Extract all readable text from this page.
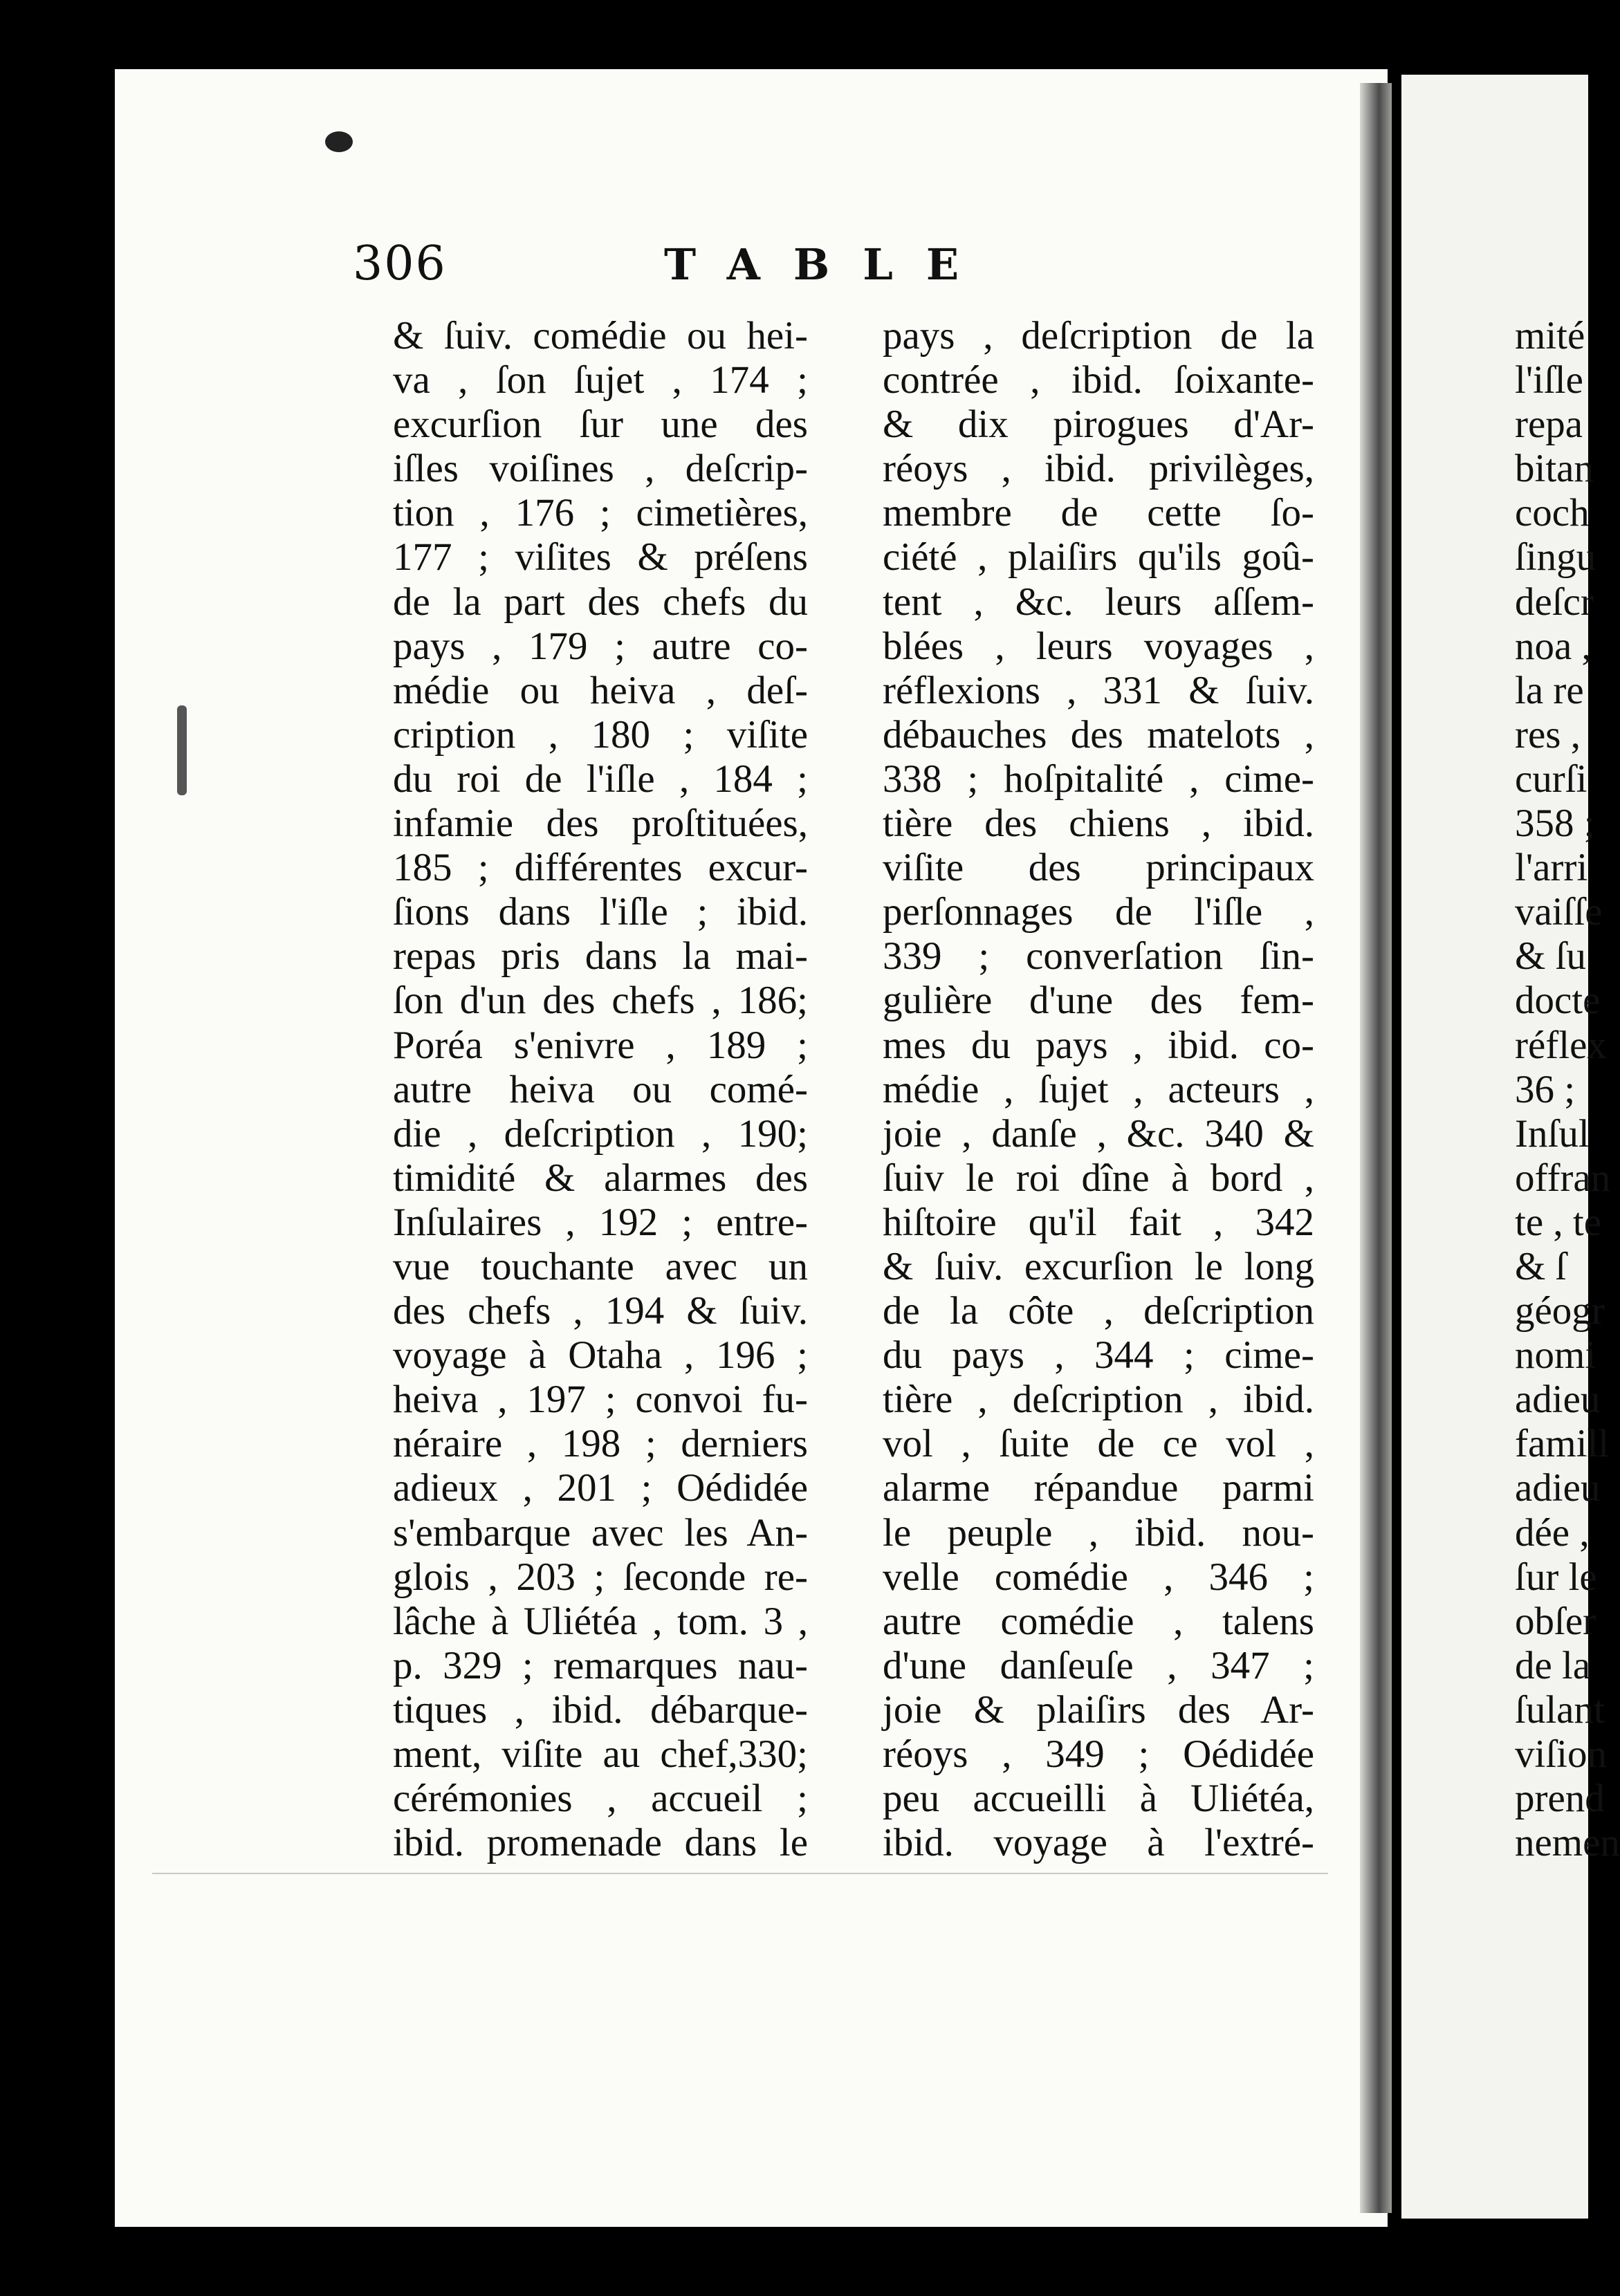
306	TABLE
& ſuiv. comédie ou hei-
va , ſon ſujet , 174 ;
excurſion ſur une des
iſles voiſines , deſcrip-
tion , 176 ; cimetières,
177 ; viſites & préſens
de la part des chefs du
pays , 179 ; autre co-
médie ou heiva , deſ-
cription , 180 ; viſite
du roi de l'iſle , 184 ;
infamie des proſtituées,
185 ; différentes excur-
ſions dans l'iſle ; ibid.
repas pris dans la mai-
ſon d'un des chefs , 186;
Poréa s'enivre , 189 ;
autre heiva ou comé-
die , deſcription , 190;
timidité & alarmes des
Inſulaires , 192 ; entre-
vue touchante avec un
des chefs , 194 & ſuiv.
voyage à Otaha , 196 ;
heiva , 197 ; convoi fu-
néraire , 198 ; derniers
adieux , 201 ; Oédidée
s'embarque avec les An-
glois , 203 ; ſeconde re-
lâche à Uliétéa , tom. 3 ,
p. 329 ; remarques nau-
tiques , ibid. débarque-
ment, viſite au chef,330;
cérémonies , accueil ;
ibid. promenade dans le
pays , deſcription de la
contrée , ibid. ſoixante-
& dix pirogues d'Ar-
réoys , ibid. privilèges,
membre de cette ſo-
ciété , plaiſirs qu'ils goû-
tent , &c. leurs aſſem-
blées , leurs voyages ,
réflexions , 331 & ſuiv.
débauches des matelots ,
338 ; hoſpitalité , cime-
tière des chiens , ibid.
viſite des principaux
perſonnages de l'iſle ,
339 ; converſation ſin-
gulière d'une des fem-
mes du pays , ibid. co-
médie , ſujet , acteurs ,
joie , danſe , &c. 340 &
ſuiv le roi dîne à bord ,
hiſtoire qu'il fait , 342
& ſuiv. excurſion le long
de la côte , deſcription
du pays , 344 ; cime-
tière , deſcription , ibid.
vol , ſuite de ce vol ,
alarme répandue parmi
le peuple , ibid. nou-
velle comédie , 346 ;
autre comédie , talens
d'une danſeuſe , 347 ;
joie & plaiſirs des Ar-
réoys , 349 ; Oédidée
peu accueilli à Uliétéa,
ibid. voyage à l'extré-
mité
l'iſle
repa
bitan
coch
ſingu
deſcr
noa ,
la re
res ,
curſi
358 ;
l'arri
vaiſſe
& ſu
docte
réflex
36 ;
Inſul
offran
te , te
& ſ
géogr
nomi
adieu
famill
adieu
dée ,
ſur le
obſer
de la
ſulant
viſion
prend
nemen
